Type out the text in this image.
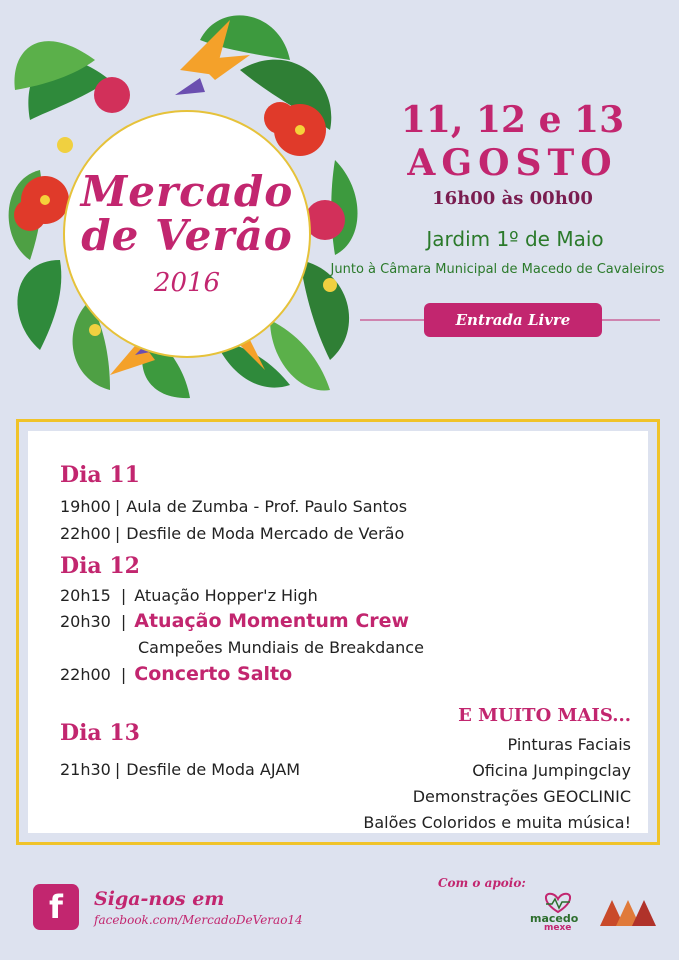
Mercado
de Verão
2016
11, 12 e 13
AGOSTO
16h00 às 00h00
Jardim 1º de Maio
Junto à Câmara Municipal de Macedo de Cavaleiros
Entrada Livre
Dia 11
19h00 | Aula de Zumba - Prof. Paulo Santos
22h00 | Desfile de Moda Mercado de Verão
Dia 12
20h15 | Atuação Hopper'z High
20h30 | Atuação Momentum Crew
Campeões Mundiais de Breakdance
22h00 | Concerto Salto
Dia 13
21h30 | Desfile de Moda AJAM
E MUITO MAIS...
Pinturas Faciais
Oficina Jumpingclay
Demonstrações GEOCLINIC
Balões Coloridos e muita música!
f	Siga-nos em
facebook.com/MercadoDeVerao14
Com o apoio:
macedo
mexe
